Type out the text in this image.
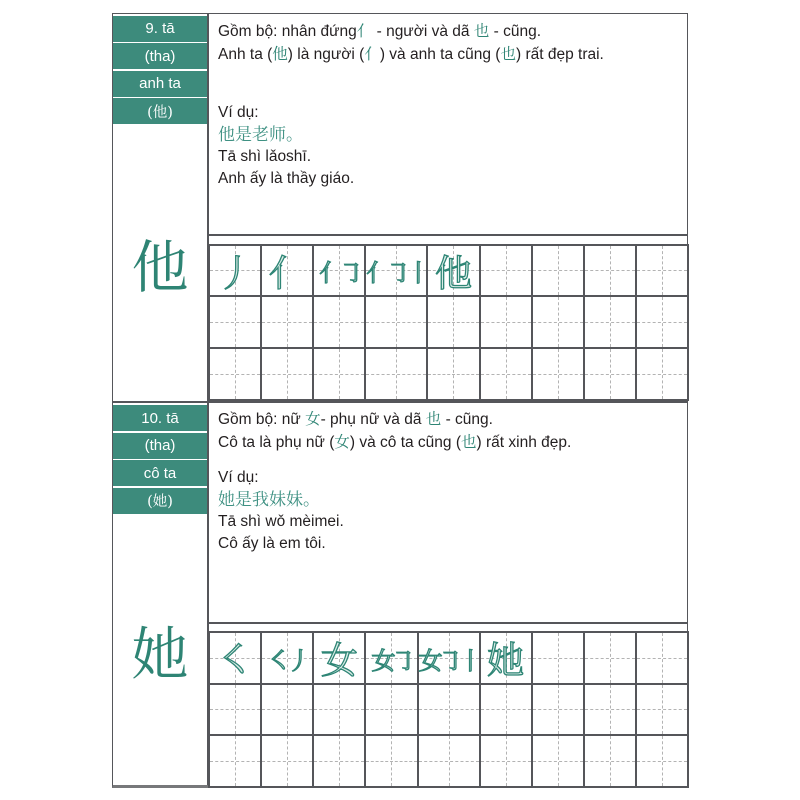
9. tā
(tha)
anh ta
(他)
Gồm bộ: nhân đứng亻 - người và dã 也 - cũng.
Anh ta (他) là người (亻) và anh ta cũng (也) rất đẹp trai.
Ví dụ:
他是老师。
Tā shì lǎoshī.
Anh ấy là thầy giáo.
他 丿 亻 亻㇆ 亻㇆丨 他
10. tā
(tha)
cô ta
(她)
Gồm bộ: nữ 女- phụ nữ và dã 也 - cũng.
Cô ta là phụ nữ (女) và cô ta cũng (也) rất xinh đẹp.
Ví dụ:
她是我妹妹。
Tā shì wǒ mèimei.
Cô ấy là em tôi.
她 ㇛ ㇛丿 女 女㇆ 女㇆丨 她
